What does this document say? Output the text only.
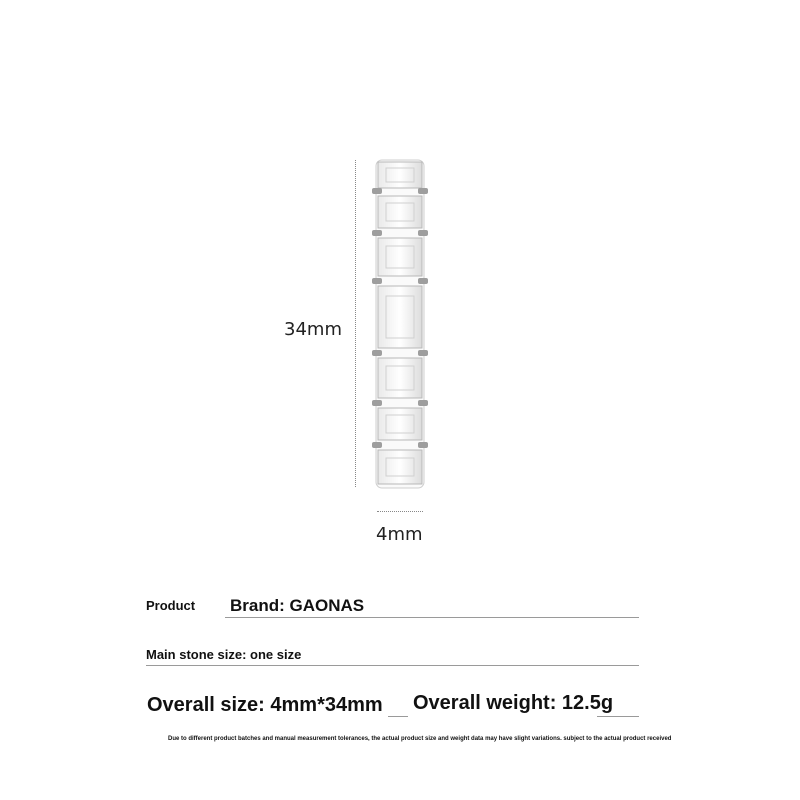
34mm
4mm
Product Brand: GAONAS
Main stone size: one size
Overall size: 4mm*34mm Overall weight: 12.5g
Due to different product batches and manual measurement tolerances, the actual product size and weight data may have slight variations. subject to the actual product received
